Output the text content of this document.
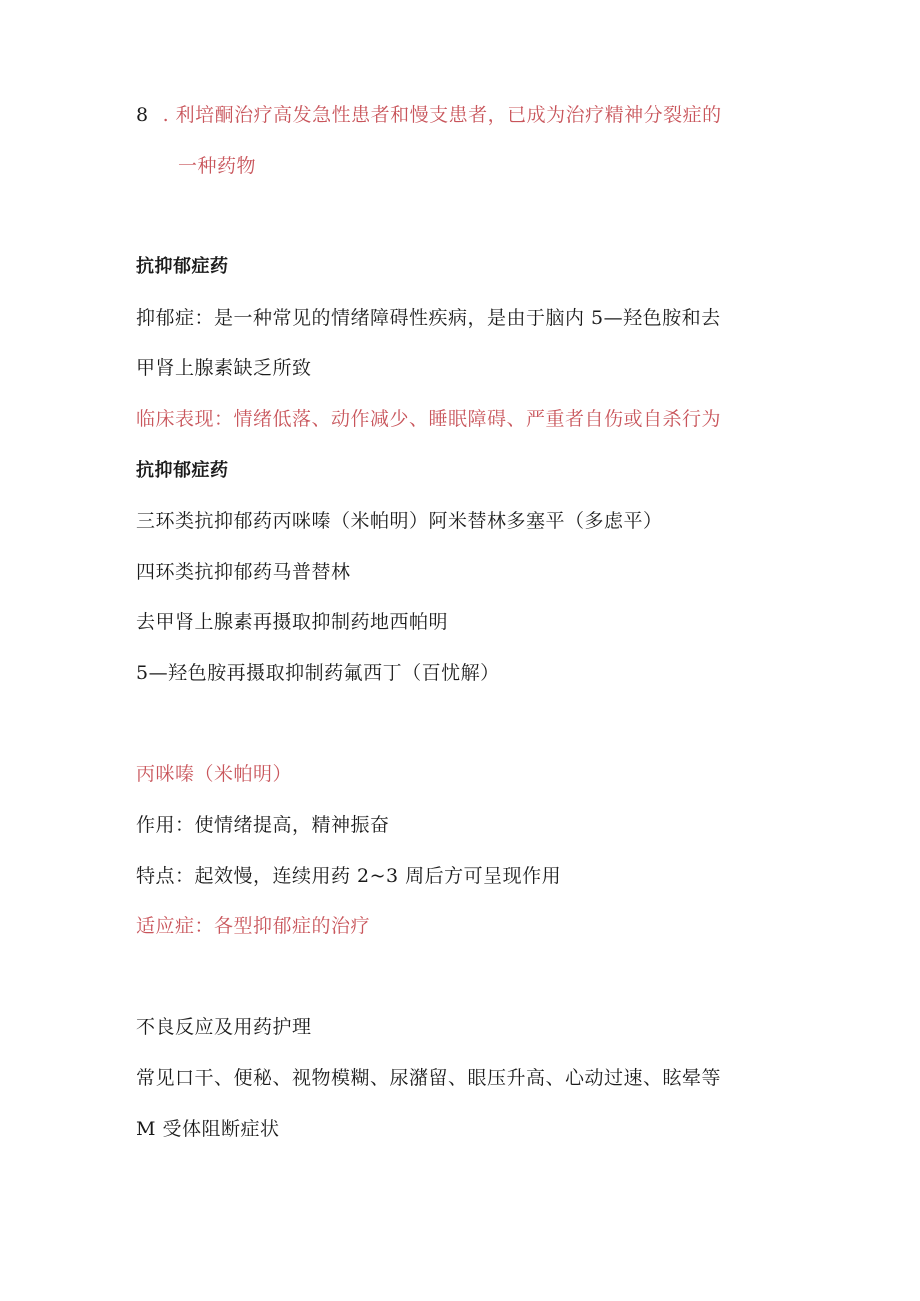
8 . 利培酮治疗高发急性患者和慢支患者，已成为治疗精神分裂症的
一种药物
抗抑郁症药
抑郁症：是一种常见的情绪障碍性疾病，是由于脑内 5—羟色胺和去
甲肾上腺素缺乏所致
临床表现：情绪低落、动作减少、睡眠障碍、严重者自伤或自杀行为
抗抑郁症药
三环类抗抑郁药丙咪嗪（米帕明）阿米替林多塞平（多虑平）
四环类抗抑郁药马普替林
去甲肾上腺素再摄取抑制药地西帕明
5—羟色胺再摄取抑制药氟西丁（百忧解）
丙咪嗪（米帕明）
作用：使情绪提高，精神振奋
特点：起效慢，连续用药 2~3 周后方可呈现作用
适应症：各型抑郁症的治疗
不良反应及用药护理
常见口干、便秘、视物模糊、尿潴留、眼压升高、心动过速、眩晕等
M 受体阻断症状
